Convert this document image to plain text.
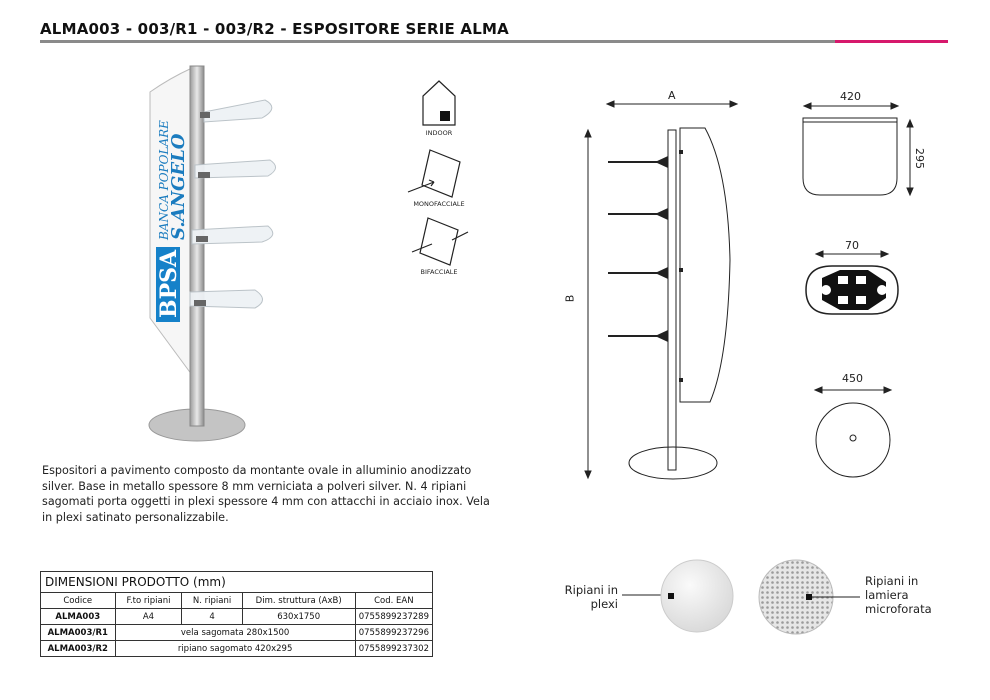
ALMA003 - 003/R1 - 003/R2 - ESPOSITORE SERIE ALMA
BPSA
BANCA POPOLARE
S.ANGELO
INDOOR
MONOFACCIALE
BIFACCIALE
A
B
420
295
70
450
Espositori a pavimento composto da montante ovale in alluminio anodizzato silver. Base in metallo spessore 8 mm verniciata a polveri silver. N. 4 ripiani sagomati porta oggetti in plexi spessore 4 mm con attacchi in acciaio inox. Vela in plexi satinato personalizzabile.
DIMENSIONI PRODOTTO (mm)				
Codice	F.to ripiani	N. ripiani	Dim. struttura (AxB)	Cod. EAN
ALMA003	A4	4	630x1750	0755899237289
ALMA003/R1	vela sagomata 280x1500			0755899237296
ALMA003/R2	ripiano sagomato 420x295			0755899237302
Ripiani in
plexi
Ripiani in
lamiera
microforata
